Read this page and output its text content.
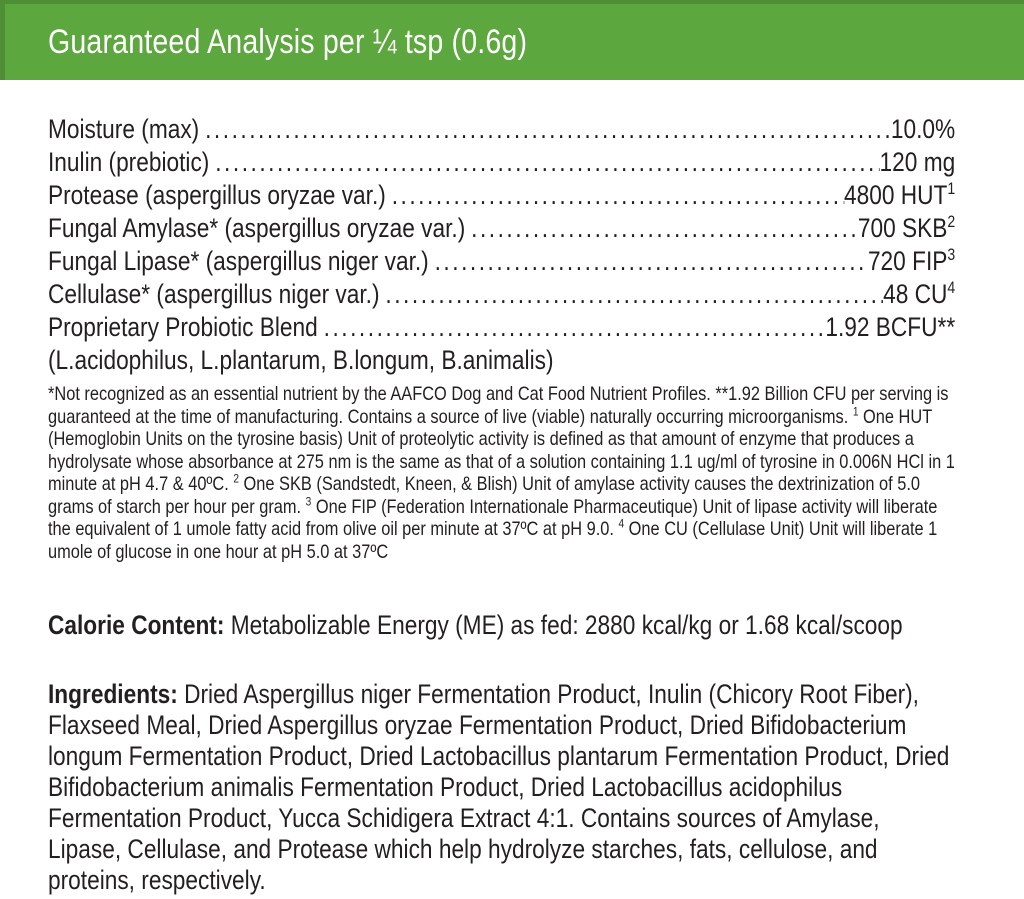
Guaranteed Analysis per ¼ tsp (0.6g)
Moisture (max) .....	10.0%
Inulin (prebiotic) .....	120 mg
Protease (aspergillus oryzae var.) .....	4800 HUT$^1$
Fungal Amylase* (aspergillus oryzae var.) .....	700 SKB$^2$
Fungal Lipase* (aspergillus niger var.) .....	720 FIP$^3$
Cellulase* (aspergillus niger var.) .....	48 $CU^4$
Proprietary Probiotic Blend .....	1.92 BCFU**
(L.acidophilus, L.plantarum, B.longum, B.animalis)

*Not recognized as an essential nutrient by the AAFCO Dog and Cat Food Nutrient Profiles. **1.92 Billion CFU per serving is guaranteed at the time of manufacturing. Contains a source of live (viable) naturally occurring microorganisms. $^1$ One HUT (Hemoglobin Units on the tyrosine basis) Unit of proteolytic activity is defined as that amount of enzyme that produces a hydrolysate whose absorbance at 275 nm is the same as that of a solution containing 1.1 ug/ml of tyrosine in 0.006N HCl in 1 minute at pH 4.7 & 40ºC. $^2$ One SKB (Sandstedt, Kneen, & Blish) Unit of amylase activity causes the dextrinization of 5.0 grams of starch per hour per gram. $^3$ One FIP (Federation Internationale Pharmaceutique) Unit of lipase activity will liberate the equivalent of 1 umole fatty acid from olive oil per minute at 37ºC at pH 9.0. $^4$ One CU (Cellulase Unit) Unit will liberate 1 umole of glucose in one hour at pH 5.0 at 37ºC

Calorie Content: Metabolizable Energy (ME) as fed: 2880 kcal/kg or 1.68 kcal/scoop

Ingredients: Dried Aspergillus niger Fermentation Product, Inulin (Chicory Root Fiber), Flaxseed Meal, Dried Aspergillus oryzae Fermentation Product, Dried Bifidobacterium longum Fermentation Product, Dried Lactobacillus plantarum Fermentation Product, Dried Bifidobacterium animalis Fermentation Product, Dried Lactobacillus acidophilus Fermentation Product, Yucca Schidigera Extract 4:1. Contains sources of Amylase, Lipase, Cellulase, and Protease which help hydrolyze starches, fats, cellulose, and proteins, respectively.
